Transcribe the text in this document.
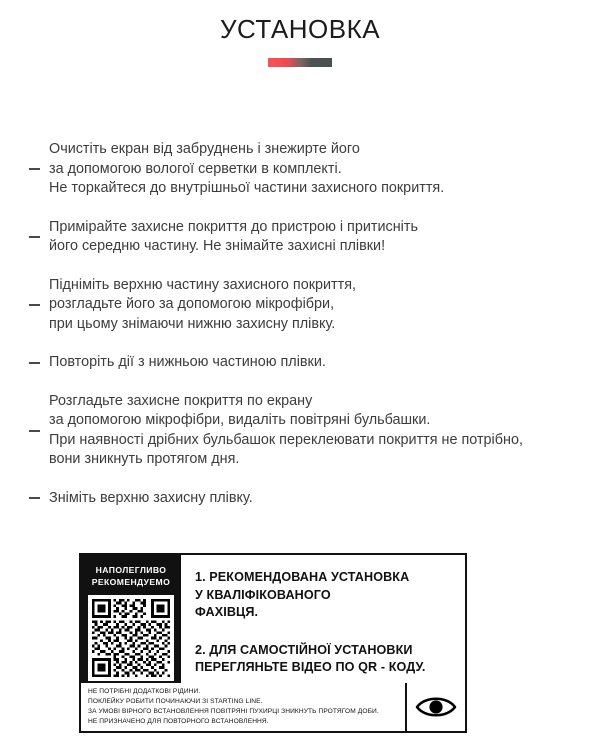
УСТАНОВКА
Очистіть екран від забруднень і знежирте його
за допомогою вологої серветки в комплекті.
Не торкайтеся до внутрішньої частини захисного покриття.
Примірайте захисне покриття до пристрою і притисніть
його середню частину. Не знімайте захисні плівки!
Підніміть верхню частину захисного покриття,
розгладьте його за допомогою мікрофібри,
при цьому знімаючи нижню захисну плівку.
Повторіть дії з нижньою частиною плівки.
Розгладьте захисне покриття по екрану
за допомогою мікрофібри, видаліть повітряні бульбашки.
При наявності дрібних бульбашок переклеювати покриття не потрібно,
вони зникнуть протягом дня.
Зніміть верхню захисну плівку.
НАПОЛЕГЛИВО
РЕКОМЕНДУЕМО 1. РЕКОМЕНДОВАНА УСТАНОВКА
У КВАЛІФІКОВАНОГО
ФАХІВЦЯ.
2. ДЛЯ САМОСТІЙНОЇ УСТАНОВКИ
ПЕРЕГЛЯНЬТЕ ВІДЕО ПО QR - КОДУ.
НЕ ПОТРІБНІ ДОДАТКОВІ РІДИНИ.
ПОКЛЕЙКУ РОБИТИ ПОЧИНАЮЧИ ЗІ STARTING LINE.
ЗА УМОВІ ВІРНОГО ВСТАНОВЛЕННЯ ПОВІТРЯНІ ПУХИРЦІ ЗНИКНУТЬ ПРОТЯГОМ ДОБИ.
НЕ ПРИЗНАЧЕНО ДЛЯ ПОВТОРНОГО ВСТАНОВЛЕННЯ.
